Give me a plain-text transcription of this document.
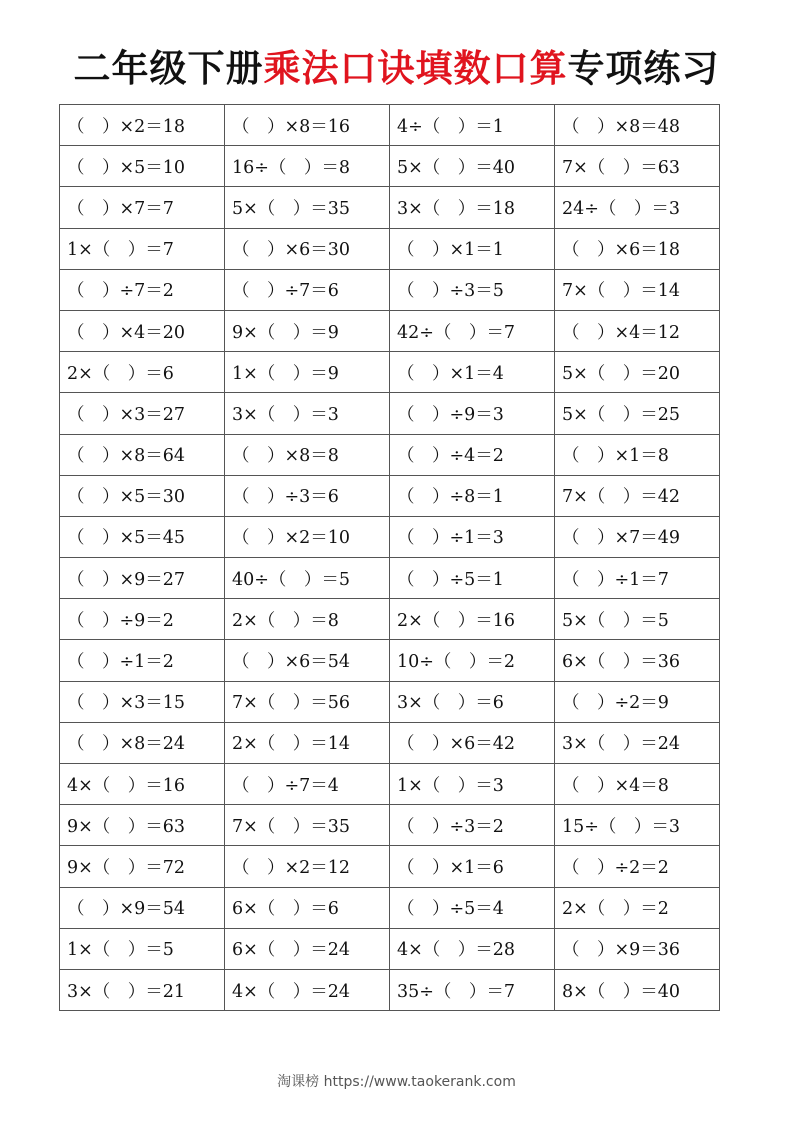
二年级下册乘法口诀填数口算专项练习
（　）×2＝18	（　）×8＝16	4÷（　）＝1	（　）×8＝48
（　）×5＝10	16÷（　）＝8	5×（　）＝40	7×（　）＝63
（　）×7＝7	5×（　）＝35	3×（　）＝18	24÷（　）＝3
1×（　）＝7	（　）×6＝30	（　）×1＝1	（　）×6＝18
（　）÷7＝2	（　）÷7＝6	（　）÷3＝5	7×（　）＝14
（　）×4＝20	9×（　）＝9	42÷（　）＝7	（　）×4＝12
2×（　）＝6	1×（　）＝9	（　）×1＝4	5×（　）＝20
（　）×3＝27	3×（　）＝3	（　）÷9＝3	5×（　）＝25
（　）×8＝64	（　）×8＝8	（　）÷4＝2	（　）×1＝8
（　）×5＝30	（　）÷3＝6	（　）÷8＝1	7×（　）＝42
（　）×5＝45	（　）×2＝10	（　）÷1＝3	（　）×7＝49
（　）×9＝27	40÷（　）＝5	（　）÷5＝1	（　）÷1＝7
（　）÷9＝2	2×（　）＝8	2×（　）＝16	5×（　）＝5
（　）÷1＝2	（　）×6＝54	10÷（　）＝2	6×（　）＝36
（　）×3＝15	7×（　）＝56	3×（　）＝6	（　）÷2＝9
（　）×8＝24	2×（　）＝14	（　）×6＝42	3×（　）＝24
4×（　）＝16	（　）÷7＝4	1×（　）＝3	（　）×4＝8
9×（　）＝63	7×（　）＝35	（　）÷3＝2	15÷（　）＝3
9×（　）＝72	（　）×2＝12	（　）×1＝6	（　）÷2＝2
（　）×9＝54	6×（　）＝6	（　）÷5＝4	2×（　）＝2
1×（　）＝5	6×（　）＝24	4×（　）＝28	（　）×9＝36
3×（　）＝21	4×（　）＝24	35÷（　）＝7	8×（　）＝40
淘课榜 https://www.taokerank.com
